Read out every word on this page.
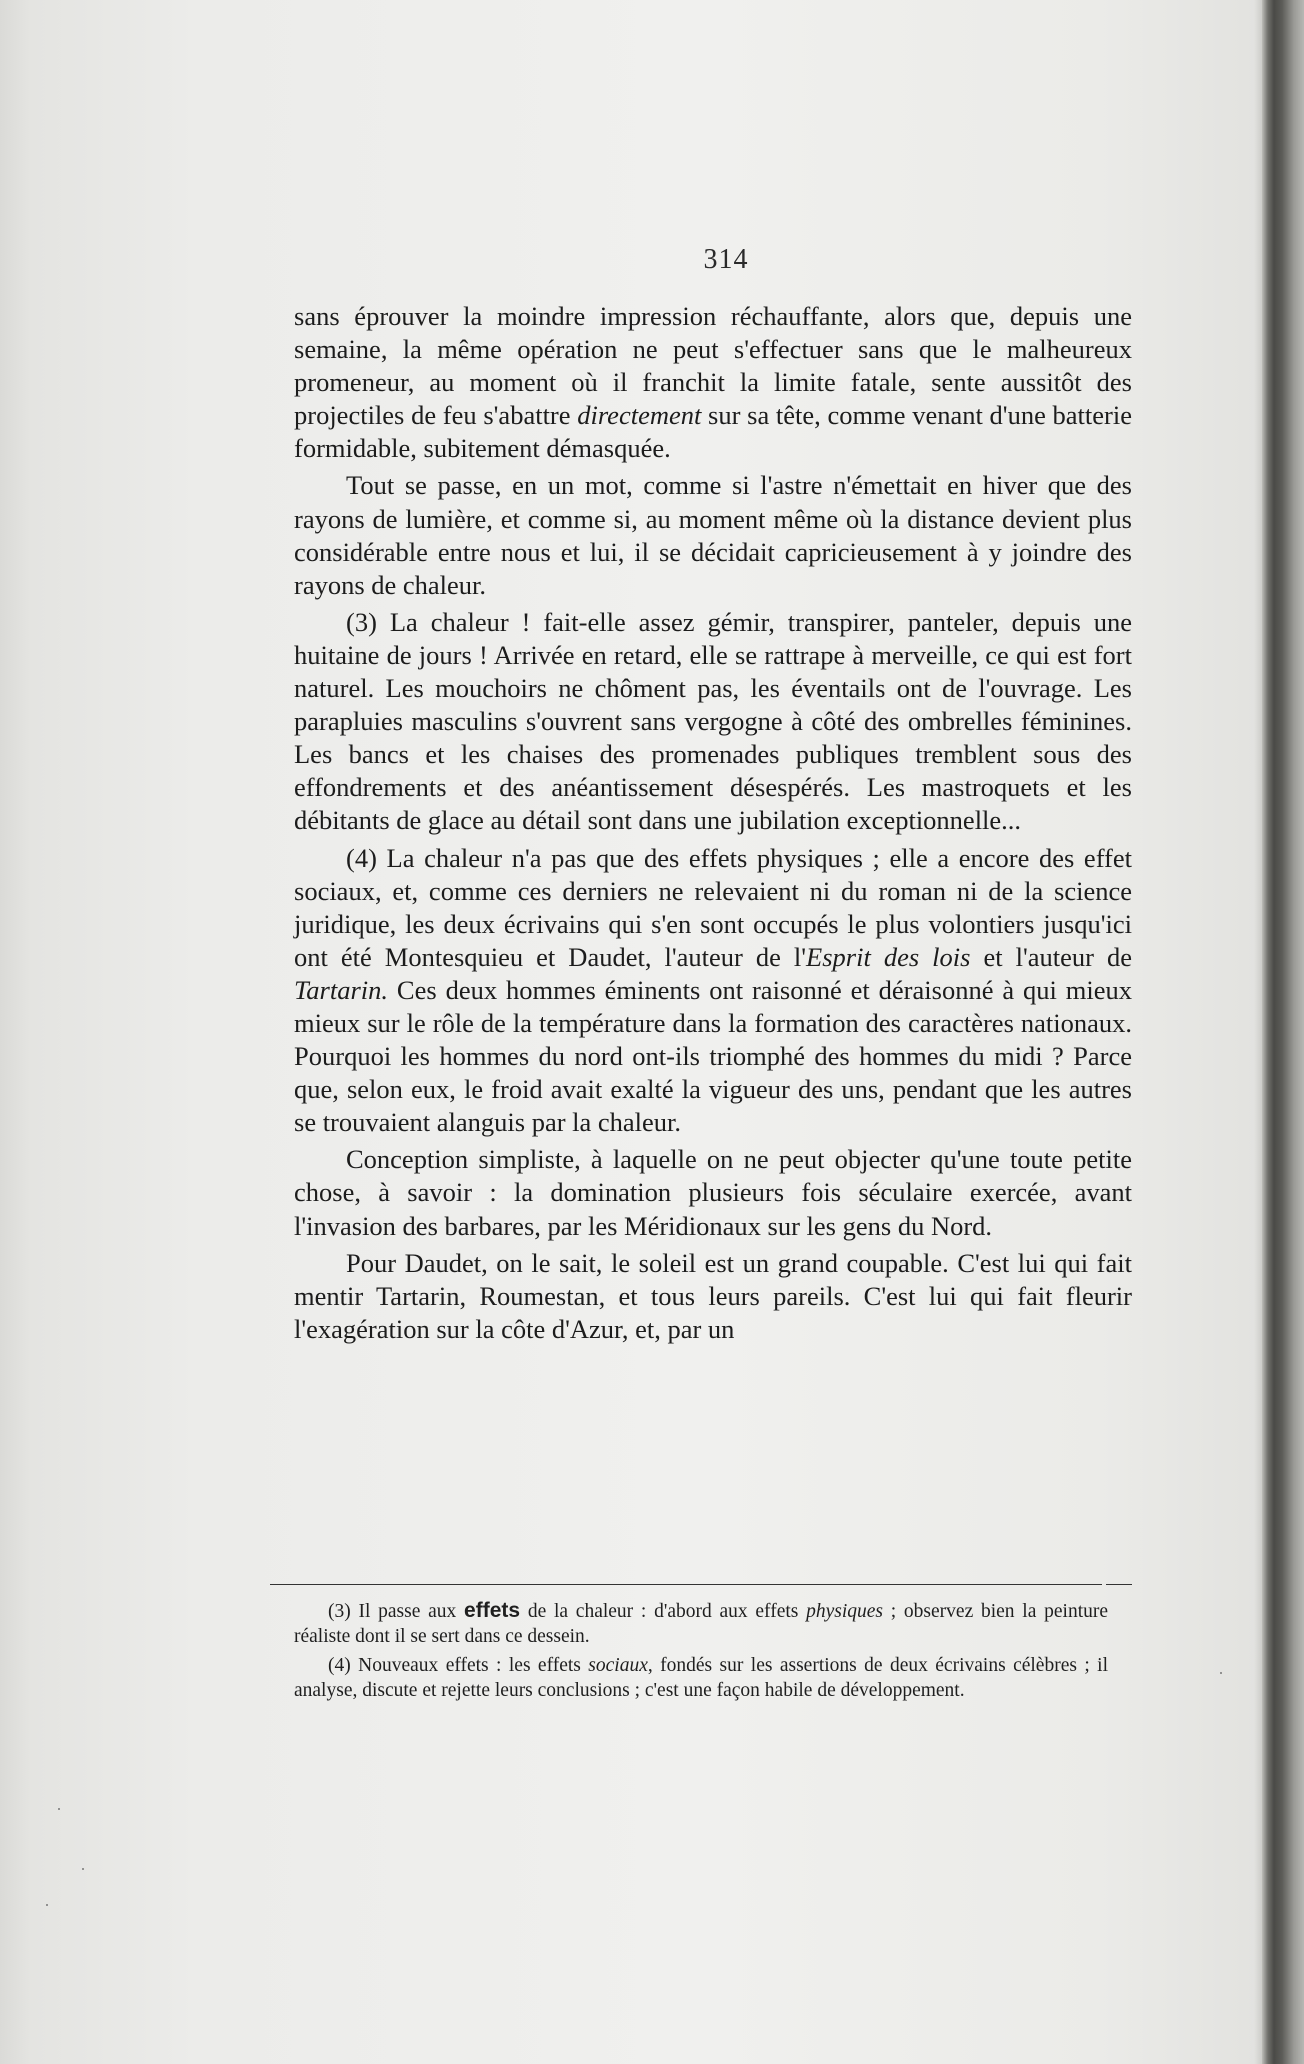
314

sans éprouver la moindre impression réchauffante, alors que, depuis une semaine, la même opération ne peut s'effectuer sans que le malheureux promeneur, au moment où il franchit la limite fatale, sente aussitôt des projectiles de feu s'abattre directement sur sa tête, comme venant d'une batterie formidable, subitement démasquée.

Tout se passe, en un mot, comme si l'astre n'émettait en hiver que des rayons de lumière, et comme si, au moment même où la distance devient plus considérable entre nous et lui, il se décidait capricieusement à y joindre des rayons de chaleur.

(3) La chaleur ! fait-elle assez gémir, transpirer, panteler, depuis une huitaine de jours ! Arrivée en retard, elle se rattrape à merveille, ce qui est fort naturel. Les mouchoirs ne chôment pas, les éventails ont de l'ouvrage. Les parapluies masculins s'ouvrent sans vergogne à côté des ombrelles féminines. Les bancs et les chaises des promenades publiques tremblent sous des effondrements et des anéantissement désespérés. Les mastroquets et les débitants de glace au détail sont dans une jubilation exceptionnelle...

(4) La chaleur n'a pas que des effets physiques ; elle a encore des effet sociaux, et, comme ces derniers ne relevaient ni du roman ni de la science juridique, les deux écrivains qui s'en sont occupés le plus volontiers jusqu'ici ont été Montesquieu et Daudet, l'auteur de l'Esprit des lois et l'auteur de Tartarin. Ces deux hommes éminents ont raisonné et déraisonné à qui mieux mieux sur le rôle de la température dans la formation des caractères nationaux. Pourquoi les hommes du nord ont-ils triomphé des hommes du midi ? Parce que, selon eux, le froid avait exalté la vigueur des uns, pendant que les autres se trouvaient alanguis par la chaleur.

Conception simpliste, à laquelle on ne peut objecter qu'une toute petite chose, à savoir : la domination plusieurs fois séculaire exercée, avant l'invasion des barbares, par les Méridionaux sur les gens du Nord.

Pour Daudet, on le sait, le soleil est un grand coupable. C'est lui qui fait mentir Tartarin, Roumestan, et tous leurs pareils. C'est lui qui fait fleurir l'exagération sur la côte d'Azur, et, par un

(3) Il passe aux effets de la chaleur : d'abord aux effets physiques ; observez bien la peinture réaliste dont il se sert dans ce dessein.

(4) Nouveaux effets : les effets sociaux, fondés sur les assertions de deux écrivains célèbres ; il analyse, discute et rejette leurs conclusions ; c'est une façon habile de développement.
